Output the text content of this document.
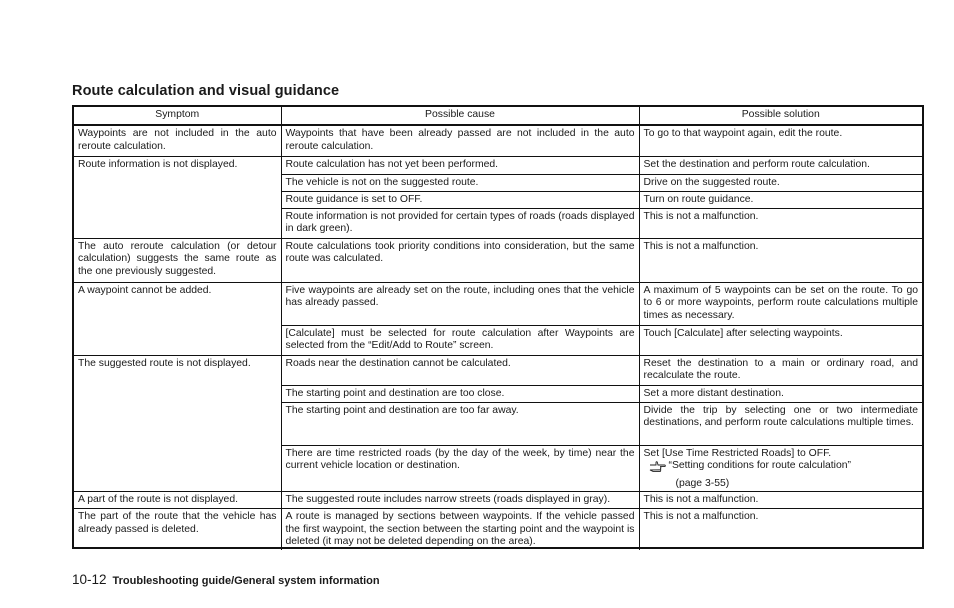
Route calculation and visual guidance
Symptom	Possible cause	Possible solution
Waypoints are not included in the auto reroute calculation.	Waypoints that have been already passed are not included in the auto reroute calculation.	To go to that waypoint again, edit the route.
Route information is not displayed.	Route calculation has not yet been performed.	Set the destination and perform route calculation.
	The vehicle is not on the suggested route.	Drive on the suggested route.
	Route guidance is set to OFF.	Turn on route guidance.
	Route information is not provided for certain types of roads (roads displayed in dark green).	This is not a malfunction.
The auto reroute calculation (or detour calculation) suggests the same route as the one previously suggested.	Route calculations took priority conditions into consideration, but the same route was calculated.	This is not a malfunction.
A waypoint cannot be added.	Five waypoints are already set on the route, including ones that the vehicle has already passed.	A maximum of 5 waypoints can be set on the route. To go to 6 or more waypoints, perform route calculations multiple times as necessary.
	[Calculate] must be selected for route calculation after Waypoints are selected from the “Edit/Add to Route” screen.	Touch [Calculate] after selecting waypoints.
The suggested route is not displayed.	Roads near the destination cannot be calculated.	Reset the destination to a main or ordinary road, and recalculate the route.
	The starting point and destination are too close.	Set a more distant destination.
	The starting point and destination are too far away.	Divide the trip by selecting one or two intermediate destinations, and perform route calculations multiple times.
	There are time restricted roads (by the day of the week, by time) near the current vehicle location or destination.	Set [Use Time Restricted Roads] to OFF.
“Setting conditions for route calculation”
(page 3-55)

A part of the route is not displayed.	The suggested route includes narrow streets (roads displayed in gray).	This is not a malfunction.
The part of the route that the vehicle has already passed is deleted.	A route is managed by sections between waypoints. If the vehicle passed the first waypoint, the section between the starting point and the waypoint is deleted (it may not be deleted depending on the area).	This is not a malfunction.
10-12 Troubleshooting guide/General system information
